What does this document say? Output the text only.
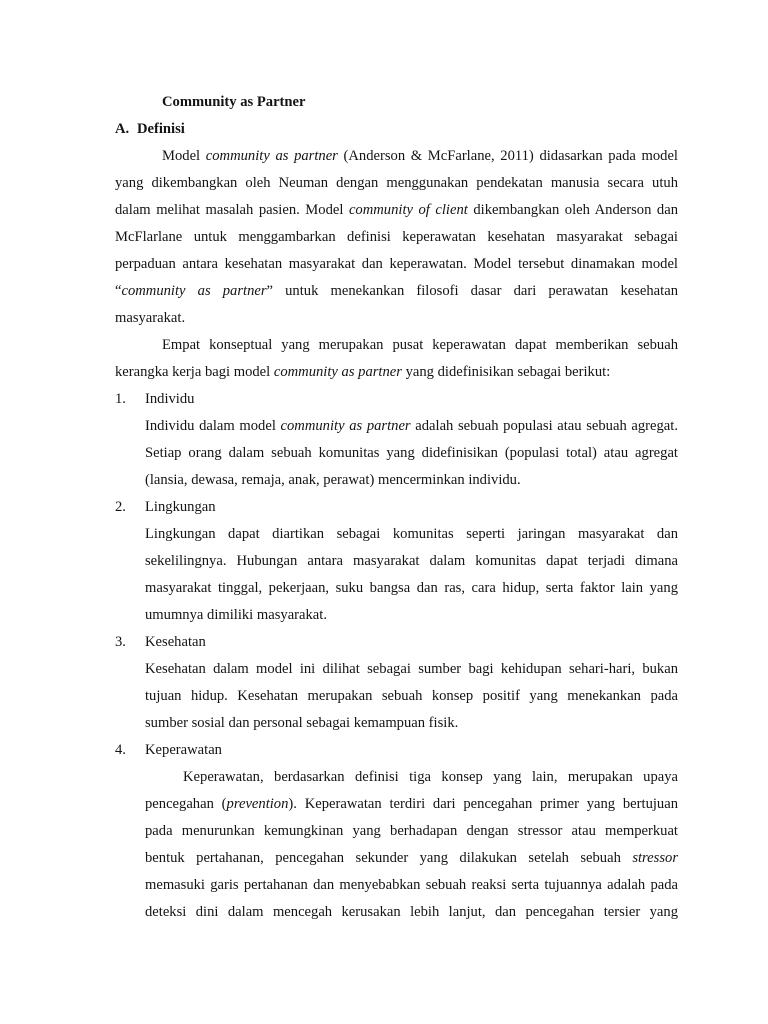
Community as Partner
A. Definisi
Model community as partner (Anderson & McFarlane, 2011) didasarkan pada model
yang dikembangkan oleh Neuman dengan menggunakan pendekatan manusia secara utuh
dalam melihat masalah pasien. Model community of client dikembangkan oleh Anderson dan
McFlarlane untuk menggambarkan definisi keperawatan kesehatan masyarakat sebagai
perpaduan antara kesehatan masyarakat dan keperawatan. Model tersebut dinamakan model
“community as partner” untuk menekankan filosofi dasar dari perawatan kesehatan
masyarakat.
Empat konseptual yang merupakan pusat keperawatan dapat memberikan sebuah
kerangka kerja bagi model community as partner yang didefinisikan sebagai berikut:
1. Individu
Individu dalam model community as partner adalah sebuah populasi atau sebuah agregat.
Setiap orang dalam sebuah komunitas yang didefinisikan (populasi total) atau agregat
(lansia, dewasa, remaja, anak, perawat) mencerminkan individu.
2. Lingkungan
Lingkungan dapat diartikan sebagai komunitas seperti jaringan masyarakat dan
sekelilingnya. Hubungan antara masyarakat dalam komunitas dapat terjadi dimana
masyarakat tinggal, pekerjaan, suku bangsa dan ras, cara hidup, serta faktor lain yang
umumnya dimiliki masyarakat.
3. Kesehatan
Kesehatan dalam model ini dilihat sebagai sumber bagi kehidupan sehari-hari, bukan
tujuan hidup. Kesehatan merupakan sebuah konsep positif yang menekankan pada
sumber sosial dan personal sebagai kemampuan fisik.
4. Keperawatan
Keperawatan, berdasarkan definisi tiga konsep yang lain, merupakan upaya
pencegahan (prevention). Keperawatan terdiri dari pencegahan primer yang bertujuan
pada menurunkan kemungkinan yang berhadapan dengan stressor atau memperkuat
bentuk pertahanan, pencegahan sekunder yang dilakukan setelah sebuah stressor
memasuki garis pertahanan dan menyebabkan sebuah reaksi serta tujuannya adalah pada
deteksi dini dalam mencegah kerusakan lebih lanjut, dan pencegahan tersier yang
